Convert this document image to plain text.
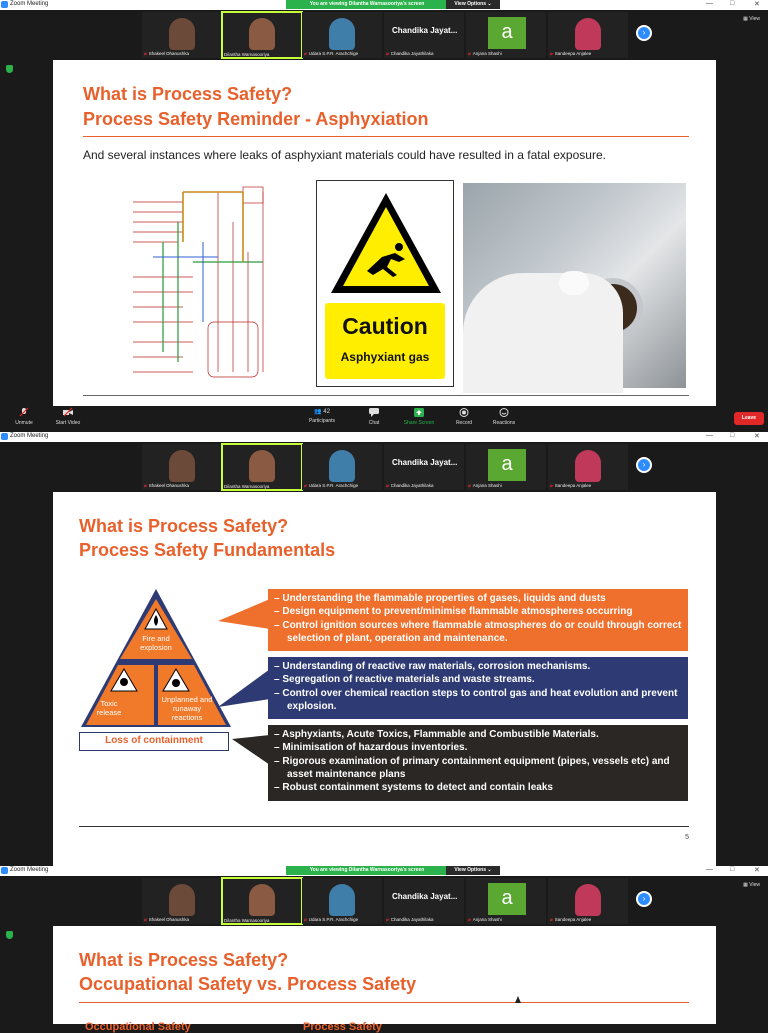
Zoom Meeting	— □	✕
You are viewing Dilantha Warnasooriya's screen	View Options ⌄
▦ View
⌀ Shakeel Dhanushka	Dilantha Warnasooriya	⌀ Udara S.P.R. Arachchige
Chandika Jayat...
⌀ Chandika Jayathilaka
a
⌀ Anjana Shashi	⌀ Sandeepa Anjalee
›
What is Process Safety?
Process Safety Reminder - Asphyxiation
And several instances where leaks of asphyxiant materials could have resulted in a fatal exposure.
Caution
Asphyxiant gas
Unmute	Start Video
👥 42
Participants	Chat	Share Screen	Record	Reactions
Leave
Zoom Meeting	— □	✕
⌀ Shakeel Dhanushka	Dilantha Warnasooriya	⌀ Udara S.P.R. Arachchige
Chandika Jayat...
⌀ Chandika Jayathilaka
a
⌀ Anjana Shashi	⌀ Sandeepa Anjalee
›
What is Process Safety?
Process Safety Fundamentals
Fire and explosion
Toxic release
Unplanned and runaway reactions
Loss of containment
– Understanding the flammable properties of gases, liquids and dusts
– Design equipment to prevent/minimise flammable atmospheres occurring
– Control ignition sources where flammable atmospheres do or could through correct selection of plant, operation and maintenance.
– Understanding of reactive raw materials, corrosion mechanisms.
– Segregation of reactive materials and waste streams.
– Control over chemical reaction steps to control gas and heat evolution and prevent explosion.
– Asphyxiants, Acute Toxics, Flammable and Combustible Materials.
– Minimisation of hazardous inventories.
– Rigorous examination of primary containment equipment (pipes, vessels etc) and asset maintenance plans
– Robust containment systems to detect and contain leaks
5
Zoom Meeting	— □	✕
You are viewing Dilantha Warnasooriya's screen	View Options ⌄
▦ View
⌀ Shakeel Dhanushka	Dilantha Warnasooriya	⌀ Udara S.P.R. Arachchige
Chandika Jayat...
⌀ Chandika Jayathilaka
a
⌀ Anjana Shashi	⌀ Sandeepa Anjalee
›
What is Process Safety?
Occupational Safety vs. Process Safety
Occupational Safety	Process Safety
